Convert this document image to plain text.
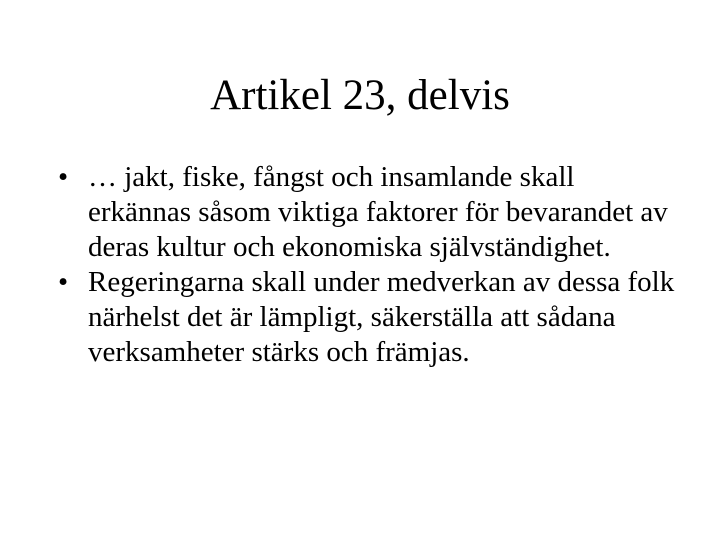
Artikel 23, delvis
• … jakt, fiske, fångst och insamlande skall erkännas såsom viktiga faktorer för bevarandet av deras kultur och ekonomiska självständighet.
• Regeringarna skall under medverkan av dessa folk närhelst det är lämpligt, säkerställa att sådana verksamheter stärks och främjas.
